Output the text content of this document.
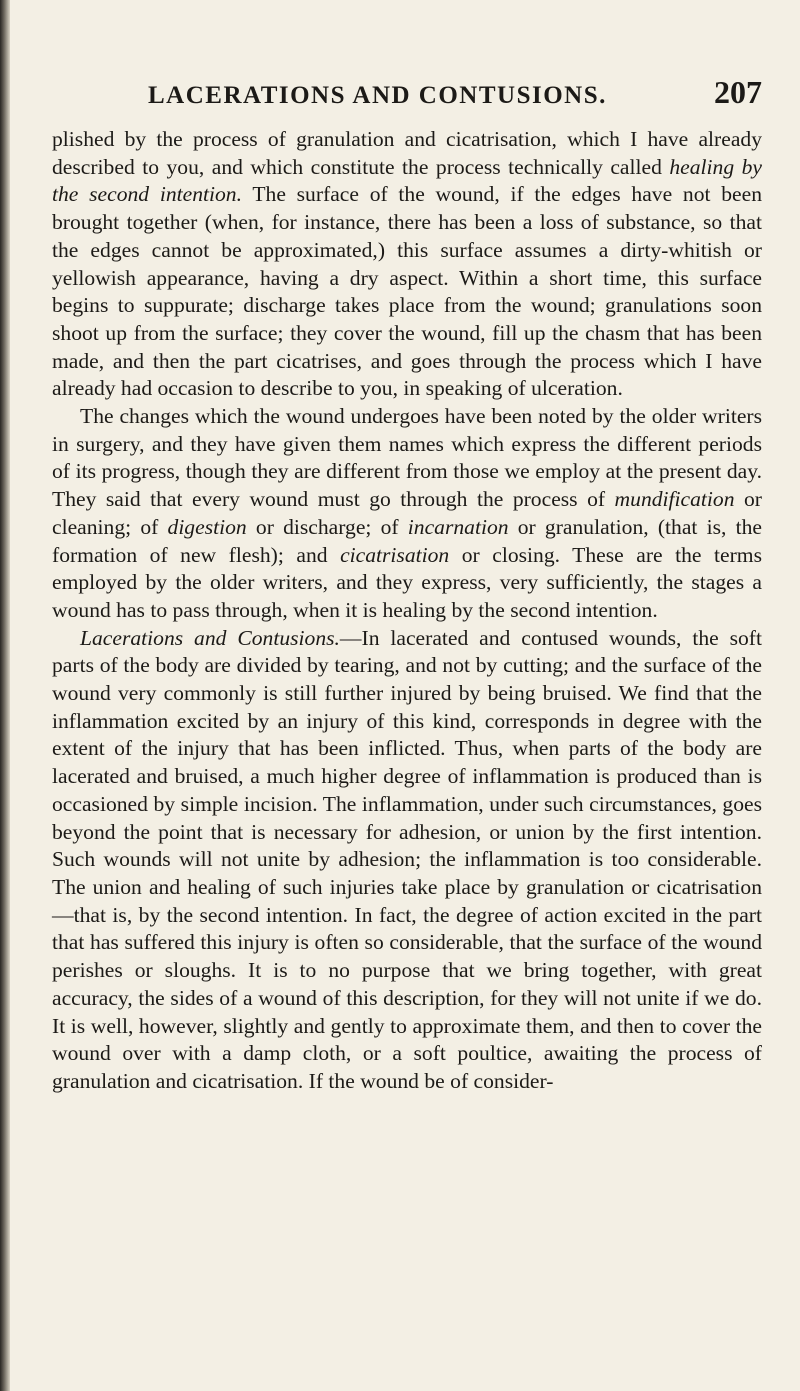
LACERATIONS AND CONTUSIONS.	207

plished by the process of granulation and cicatrisation, which I have already described to you, and which constitute the process technically called healing by the second intention. The surface of the wound, if the edges have not been brought together (when, for instance, there has been a loss of substance, so that the edges cannot be approximated,) this surface assumes a dirty-whitish or yellowish appearance, having a dry aspect. Within a short time, this surface begins to suppurate; discharge takes place from the wound; granulations soon shoot up from the surface; they cover the wound, fill up the chasm that has been made, and then the part cicatrises, and goes through the process which I have already had occasion to describe to you, in speaking of ulceration.

The changes which the wound undergoes have been noted by the older writers in surgery, and they have given them names which express the different periods of its progress, though they are different from those we employ at the present day. They said that every wound must go through the process of mundification or cleaning; of digestion or discharge; of incarnation or granulation, (that is, the formation of new flesh); and cicatrisation or closing. These are the terms employed by the older writers, and they express, very sufficiently, the stages a wound has to pass through, when it is healing by the second intention.

Lacerations and Contusions.—In lacerated and contused wounds, the soft parts of the body are divided by tearing, and not by cutting; and the surface of the wound very commonly is still further injured by being bruised. We find that the inflammation excited by an injury of this kind, corresponds in degree with the extent of the injury that has been inflicted. Thus, when parts of the body are lacerated and bruised, a much higher degree of inflammation is produced than is occasioned by simple incision. The inflammation, under such circumstances, goes beyond the point that is necessary for adhesion, or union by the first intention. Such wounds will not unite by adhesion; the inflammation is too considerable. The union and healing of such injuries take place by granulation or cicatrisation—that is, by the second intention. In fact, the degree of action excited in the part that has suffered this injury is often so considerable, that the surface of the wound perishes or sloughs. It is to no purpose that we bring together, with great accuracy, the sides of a wound of this description, for they will not unite if we do. It is well, however, slightly and gently to approximate them, and then to cover the wound over with a damp cloth, or a soft poultice, awaiting the process of granulation and cicatrisation. If the wound be of consider-
